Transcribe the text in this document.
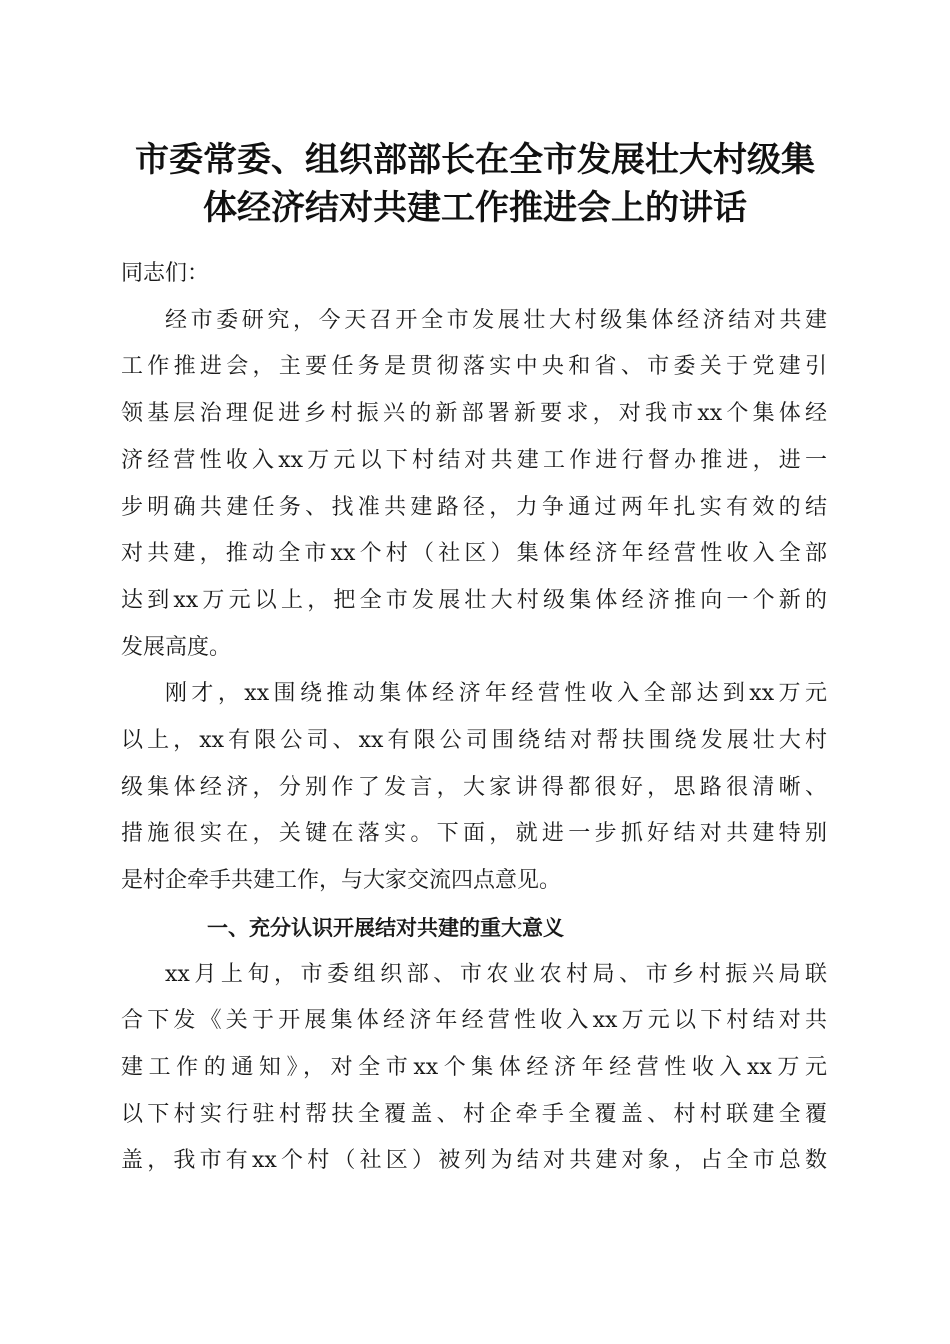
市委常委、组织部部长在全市发展壮大村级集
体经济结对共建工作推进会上的讲话

同志们：

经市委研究，今天召开全市发展壮大村级集体经济结对共建
工作推进会，主要任务是贯彻落实中央和省、市委关于党建引
领基层治理促进乡村振兴的新部署新要求，对我市xx个集体经
济经营性收入xx万元以下村结对共建工作进行督办推进，进一
步明确共建任务、找准共建路径，力争通过两年扎实有效的结
对共建，推动全市xx个村（社区）集体经济年经营性收入全部
达到xx万元以上，把全市发展壮大村级集体经济推向一个新的
发展高度。

刚才，xx围绕推动集体经济年经营性收入全部达到xx万元
以上，xx有限公司、xx有限公司围绕结对帮扶围绕发展壮大村
级集体经济，分别作了发言，大家讲得都很好，思路很清晰、
措施很实在，关键在落实。下面，就进一步抓好结对共建特别
是村企牵手共建工作，与大家交流四点意见。

一、充分认识开展结对共建的重大意义

xx月上旬，市委组织部、市农业农村局、市乡村振兴局联
合下发《关于开展集体经济年经营性收入xx万元以下村结对共
建工作的通知》，对全市xx个集体经济年经营性收入xx万元
以下村实行驻村帮扶全覆盖、村企牵手全覆盖、村村联建全覆
盖，我市有xx个村（社区）被列为结对共建对象，占全市总数
